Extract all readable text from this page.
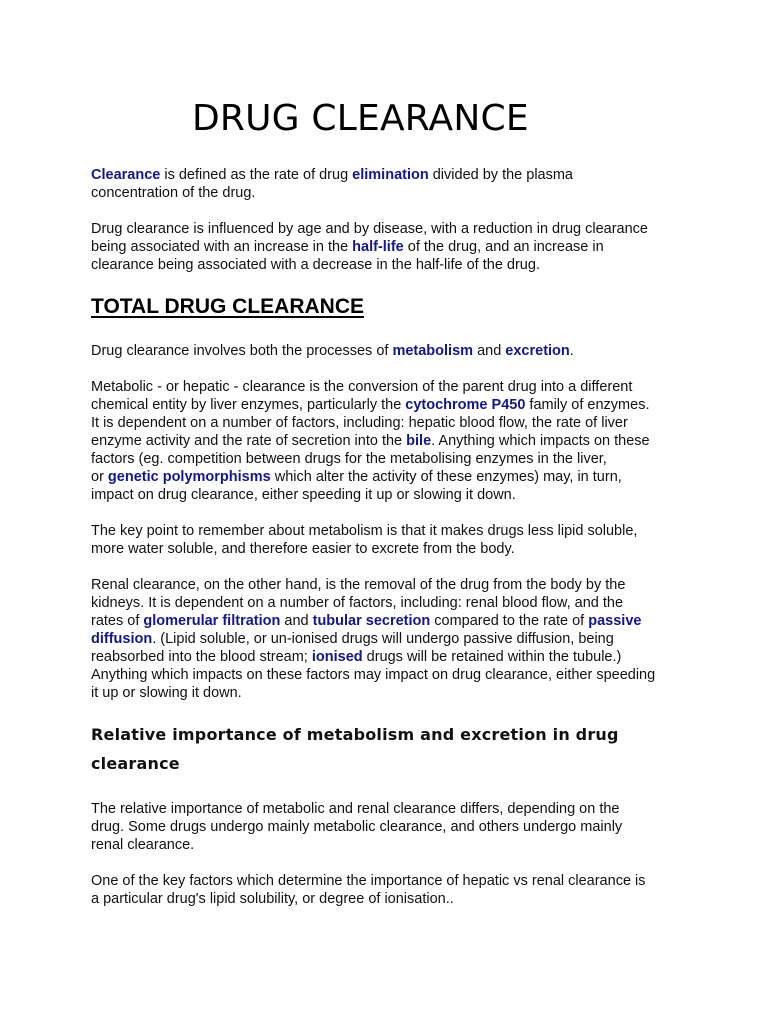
DRUG CLEARANCE

Clearance is defined as the rate of drug elimination divided by the plasma
concentration of the drug.

Drug clearance is influenced by age and by disease, with a reduction in drug clearance
being associated with an increase in the half-life of the drug, and an increase in
clearance being associated with a decrease in the half-life of the drug.

TOTAL DRUG CLEARANCE

Drug clearance involves both the processes of metabolism and excretion.

Metabolic - or hepatic - clearance is the conversion of the parent drug into a different
chemical entity by liver enzymes, particularly the cytochrome P450 family of enzymes.
It is dependent on a number of factors, including: hepatic blood flow, the rate of liver
enzyme activity and the rate of secretion into the bile. Anything which impacts on these
factors (eg. competition between drugs for the metabolising enzymes in the liver,
or genetic polymorphisms which alter the activity of these enzymes) may, in turn,
impact on drug clearance, either speeding it up or slowing it down.

The key point to remember about metabolism is that it makes drugs less lipid soluble,
more water soluble, and therefore easier to excrete from the body.

Renal clearance, on the other hand, is the removal of the drug from the body by the
kidneys. It is dependent on a number of factors, including: renal blood flow, and the
rates of glomerular filtration and tubular secretion compared to the rate of passive
diffusion. (Lipid soluble, or un-ionised drugs will undergo passive diffusion, being
reabsorbed into the blood stream; ionised drugs will be retained within the tubule.)
Anything which impacts on these factors may impact on drug clearance, either speeding
it up or slowing it down.

Relative importance of metabolism and excretion in drug clearance

The relative importance of metabolic and renal clearance differs, depending on the
drug. Some drugs undergo mainly metabolic clearance, and others undergo mainly
renal clearance.

One of the key factors which determine the importance of hepatic vs renal clearance is
a particular drug's lipid solubility, or degree of ionisation..
